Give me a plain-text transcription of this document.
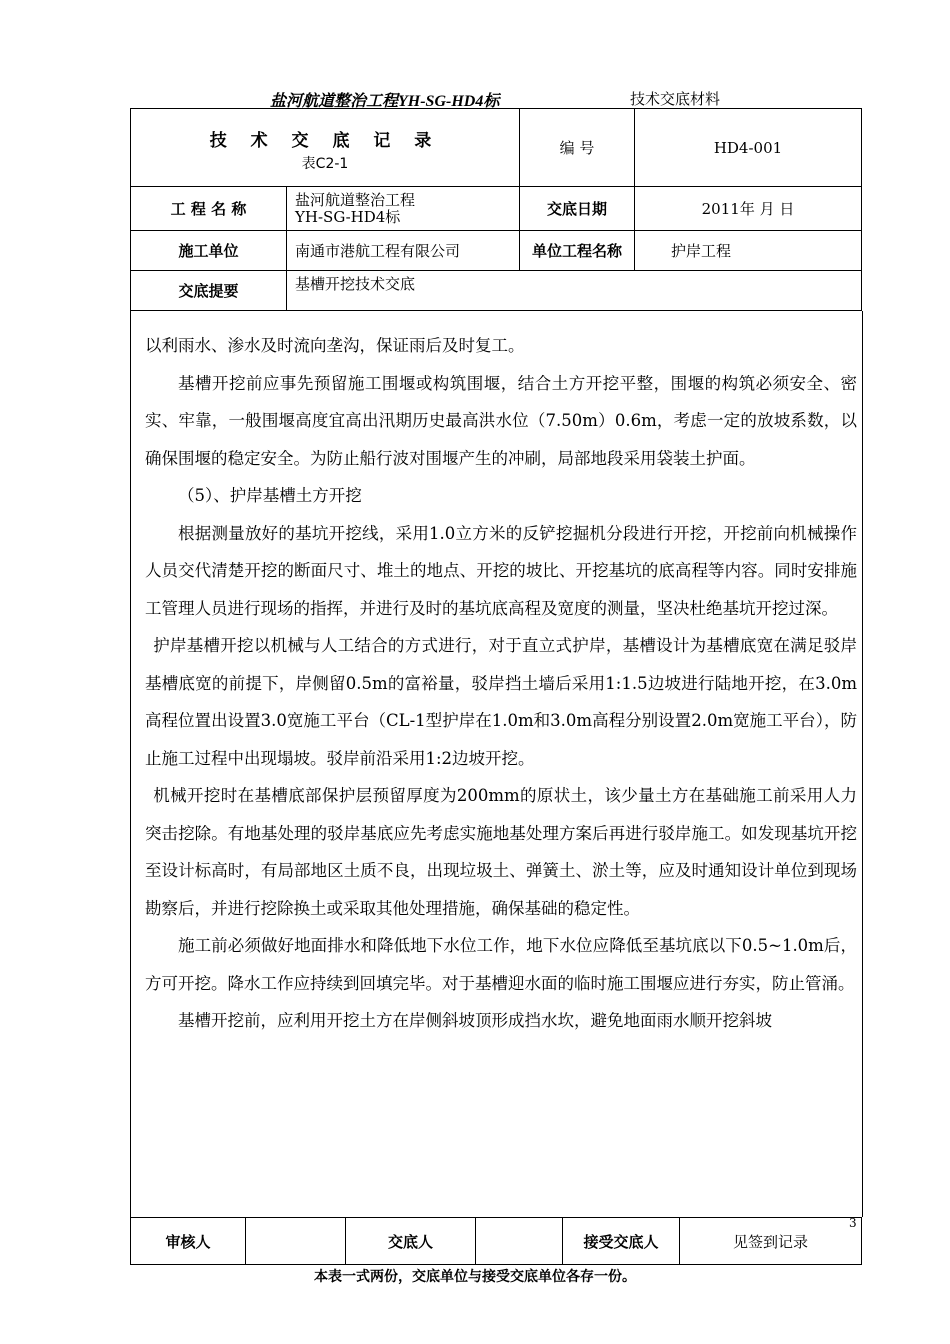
盐河航道整治工程YH-SG-HD4标	技术交底材料
技 术 交 底 记 录
表C2-1		编 号	HD4-001
工 程 名 称	盐河航道整治工程
YH-SG-HD4标	交底日期	2011年 月 日
施工单位	南通市港航工程有限公司	单位工程名称	护岸工程
交底提要	基槽开挖技术交底		

以利雨水、渗水及时流向垄沟，保证雨后及时复工。

基槽开挖前应事先预留施工围堰或构筑围堰，结合土方开挖平整，围堰的构筑必须安全、密实、牢靠，一般围堰高度宜高出汛期历史最高洪水位（7.50m）0.6m，考虑一定的放坡系数，以确保围堰的稳定安全。为防止船行波对围堰产生的冲刷，局部地段采用袋装土护面。

（5）、护岸基槽土方开挖

根据测量放好的基坑开挖线，采用1.0立方米的反铲挖掘机分段进行开挖，开挖前向机械操作人员交代清楚开挖的断面尺寸、堆土的地点、开挖的坡比、开挖基坑的底高程等内容。同时安排施工管理人员进行现场的指挥，并进行及时的基坑底高程及宽度的测量，坚决杜绝基坑开挖过深。

护岸基槽开挖以机械与人工结合的方式进行，对于直立式护岸，基槽设计为基槽底宽在满足驳岸基槽底宽的前提下，岸侧留0.5m的富裕量，驳岸挡土墙后采用1:1.5边坡进行陆地开挖，在3.0m高程位置出设置3.0宽施工平台（CL-1型护岸在1.0m和3.0m高程分别设置2.0m宽施工平台），防止施工过程中出现塌坡。驳岸前沿采用1:2边坡开挖。

机械开挖时在基槽底部保护层预留厚度为200mm的原状土，该少量土方在基础施工前采用人力突击挖除。有地基处理的驳岸基底应先考虑实施地基处理方案后再进行驳岸施工。如发现基坑开挖至设计标高时，有局部地区土质不良，出现垃圾土、弹簧土、淤土等，应及时通知设计单位到现场勘察后，并进行挖除换土或采取其他处理措施，确保基础的稳定性。

施工前必须做好地面排水和降低地下水位工作，地下水位应降低至基坑底以下0.5~1.0m后，方可开挖。降水工作应持续到回填完毕。对于基槽迎水面的临时施工围堰应进行夯实，防止管涌。

基槽开挖前，应利用开挖土方在岸侧斜坡顶形成挡水坎，避免地面雨水顺开挖斜坡

3
审核人		交底人		接受交底人	见签到记录
本表一式两份，交底单位与接受交底单位各存一份。
